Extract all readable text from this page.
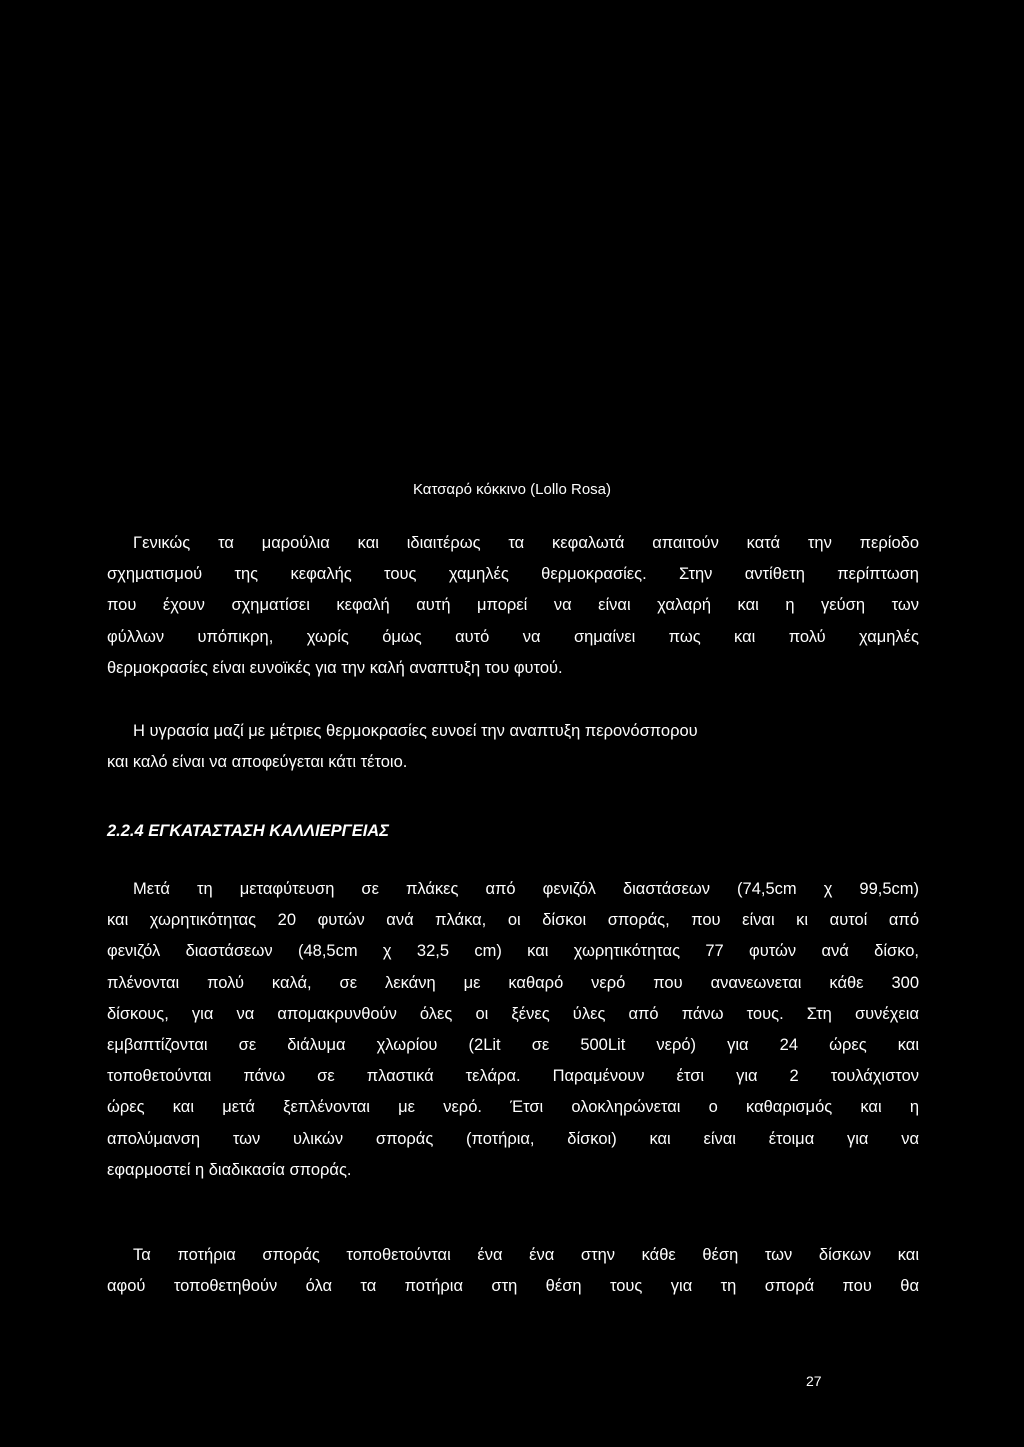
Κατσαρό κόκκινο (Lollo Rosa)

Γενικώς τα μαρούλια και ιδιαιτέρως τα κεφαλωτά απαιτούν κατά την περίοδο
σχηματισμού της κεφαλής τους χαμηλές θερμοκρασίες. Στην αντίθετη περίπτωση
που έχουν σχηματίσει κεφαλή αυτή μπορεί να είναι χαλαρή και η γεύση των
φύλλων υπόπικρη, χωρίς όμως αυτό να σημαίνει πως και πολύ χαμηλές
θερμοκρασίες είναι ευνοϊκές για την καλή αναπτυξη του φυτού.

Η υγρασία μαζί με μέτριες θερμοκρασίες ευνοεί την αναπτυξη περονόσπορου
και καλό είναι να αποφεύγεται κάτι τέτοιο.

2.2.4 ΕΓΚΑΤΑΣΤΑΣΗ ΚΑΛΛΙΕΡΓΕΙΑΣ

Μετά τη μεταφύτευση σε πλάκες από φενιζόλ διαστάσεων (74,5cm χ 99,5cm)
και χωρητικότητας 20 φυτών ανά πλάκα, οι δίσκοι σποράς, που είναι κι αυτοί από
φενιζόλ διαστάσεων (48,5cm χ 32,5 cm) και χωρητικότητας 77 φυτών ανά δίσκο,
πλένονται πολύ καλά, σε λεκάνη με καθαρό νερό που ανανεωνεται κάθε 300
δίσκους, για να απομακρυνθούν όλες οι ξένες ύλες από πάνω τους. Στη συνέχεια
εμβαπτίζονται σε διάλυμα χλωρίου (2Lit σε 500Lit νερό) για 24 ώρες και
τοποθετούνται πάνω σε πλαστικά τελάρα. Παραμένουν έτσι για 2 τουλάχιστον
ώρες και μετά ξεπλένονται με νερό. Έτσι ολοκληρώνεται ο καθαρισμός και η
απολύμανση των υλικών σποράς (ποτήρια, δίσκοι) και είναι έτοιμα για να
εφαρμοστεί η διαδικασία σποράς.

Τα ποτήρια σποράς τοποθετούνται ένα ένα στην κάθε θέση των δίσκων και
αφού τοποθετηθούν όλα τα ποτήρια στη θέση τους για τη σπορά που θα

27
